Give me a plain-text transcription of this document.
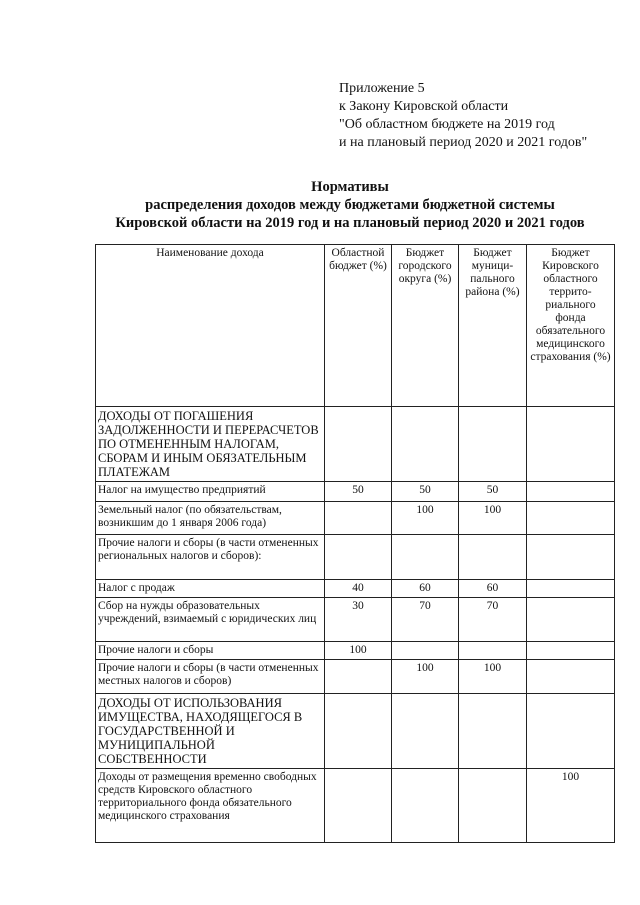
Приложение 5
к Закону Кировской области
"Об областном бюджете на 2019 год
и на плановый период 2020 и 2021 годов"
Нормативы
распределения доходов между бюджетами бюджетной системы
Кировской области на 2019 год и на плановый период 2020 и 2021 годов
Наименование дохода	Областной бюджет (%)	Бюджет городского округа (%)	Бюджет муници-пального района (%)	Бюджет Кировского областного террито-риального фонда обязательного медицинского страхования (%)
ДОХОДЫ ОТ ПОГАШЕНИЯ ЗАДОЛЖЕННОСТИ И ПЕРЕРАСЧЕТОВ ПО ОТМЕНЕННЫМ НАЛОГАМ, СБОРАМ И ИНЫМ ОБЯЗАТЕЛЬНЫМ ПЛАТЕЖАМ				
Налог на имущество предприятий	50	50	50	
Земельный налог (по обязательствам, возникшим до 1 января 2006 года)		100	100	
Прочие налоги и сборы (в части отмененных региональных налогов и сборов):				
Налог с продаж	40	60	60	
Сбор на нужды образовательных учреждений, взимаемый с юридических лиц	30	70	70	
Прочие налоги и сборы	100			
Прочие налоги и сборы (в части отмененных местных налогов и сборов)		100	100	
ДОХОДЫ ОТ ИСПОЛЬЗОВАНИЯ ИМУЩЕСТВА, НАХОДЯЩЕГОСЯ В ГОСУДАРСТВЕННОЙ И МУНИЦИПАЛЬНОЙ СОБСТВЕННОСТИ				
Доходы от размещения временно свободных средств Кировского областного территориального фонда обязательного медицинского страхования				100
